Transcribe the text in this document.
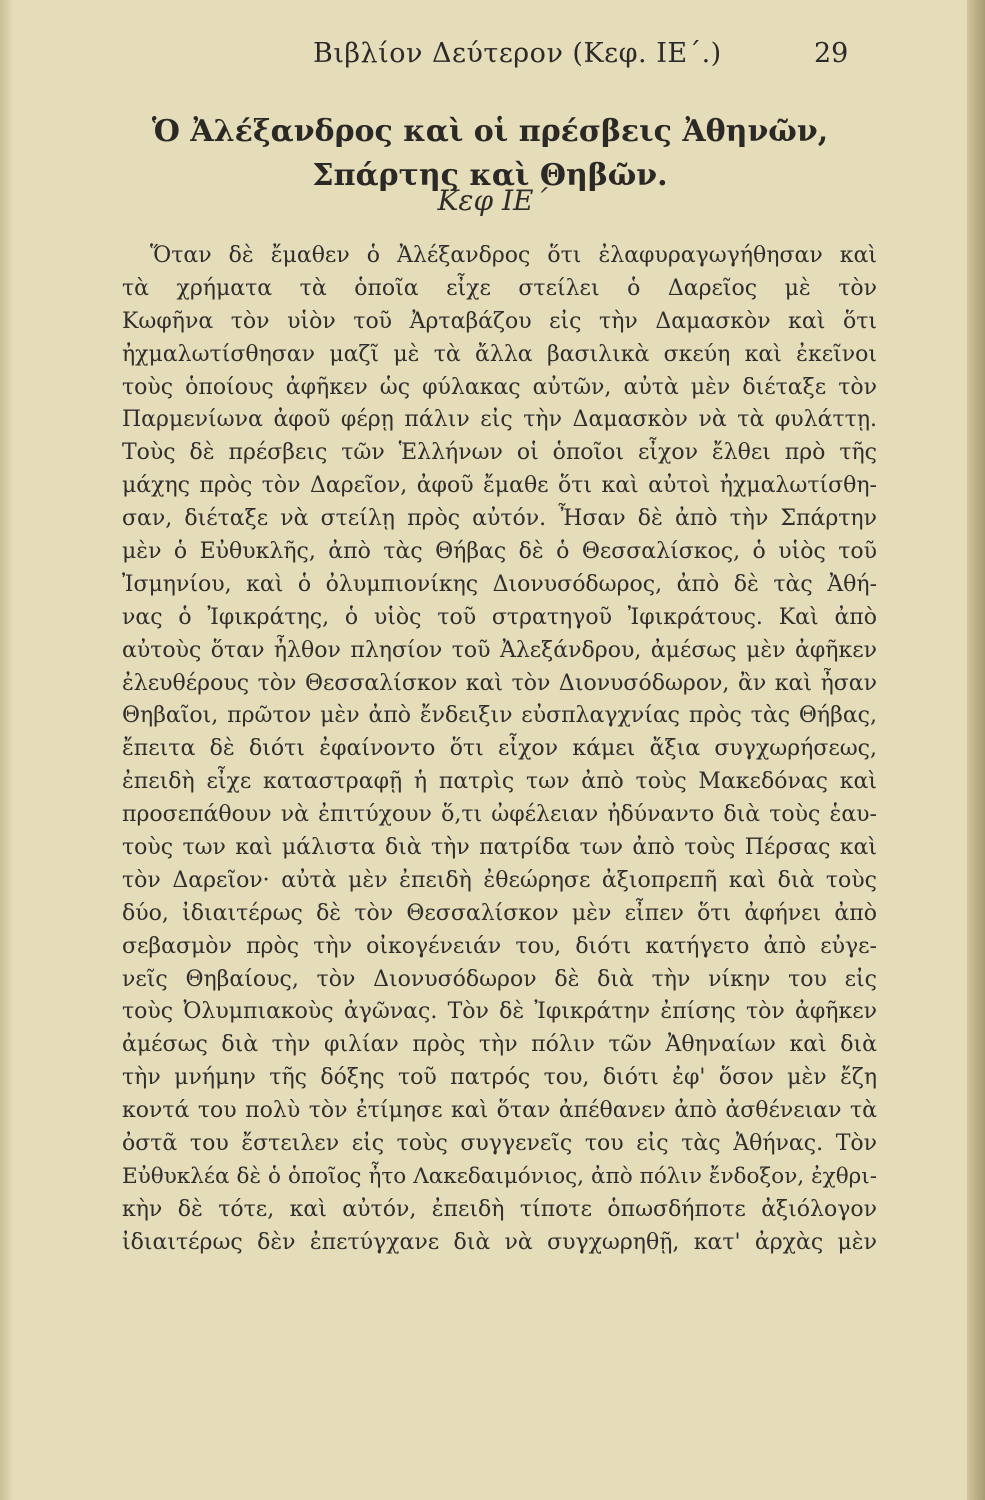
Βιβλίον Δεύτερον (Κεφ. ΙΕ΄.)	29
Ὁ Ἀλέξανδρος καὶ οἱ πρέσβεις Ἀθηνῶν,
Σπάρτης καὶ Θηβῶν.
Κεφ ΙΕ΄
Ὅταν δὲ ἔμαθεν ὁ Ἀλέξανδρος ὅτι ἐλαφυραγωγήθησαν καὶ
τὰ χρήματα τὰ ὁποῖα εἶχε στείλει ὁ Δαρεῖος μὲ τὸν
Κωφῆνα τὸν υἱὸν τοῦ Ἀρταβάζου εἰς τὴν Δαμασκὸν καὶ ὅτι
ἠχμαλωτίσθησαν μαζῖ μὲ τὰ ἄλλα βασιλικὰ σκεύη καὶ ἐκεῖνοι
τοὺς ὁποίους ἀφῆκεν ὡς φύλακας αὐτῶν, αὐτὰ μὲν διέταξε τὸν
Παρμενίωνα ἀφοῦ φέρῃ πάλιν εἰς τὴν Δαμασκὸν νὰ τὰ φυλάττῃ.
Τοὺς δὲ πρέσβεις τῶν Ἑλλήνων οἱ ὁποῖοι εἶχον ἔλθει πρὸ τῆς
μάχης πρὸς τὸν Δαρεῖον, ἀφοῦ ἔμαθε ὅτι καὶ αὐτοὶ ἠχμαλωτίσθη-
σαν, διέταξε νὰ στείλῃ πρὸς αὐτόν. Ἦσαν δὲ ἀπὸ τὴν Σπάρτην
μὲν ὁ Εὐθυκλῆς, ἀπὸ τὰς Θήβας δὲ ὁ Θεσσαλίσκος, ὁ υἱὸς τοῦ
Ἰσμηνίου, καὶ ὁ ὀλυμπιονίκης Διονυσόδωρος, ἀπὸ δὲ τὰς Ἀθή-
νας ὁ Ἰφικράτης, ὁ υἱὸς τοῦ στρατηγοῦ Ἰφικράτους. Καὶ ἀπὸ
αὐτοὺς ὅταν ἦλθον πλησίον τοῦ Ἀλεξάνδρου, ἀμέσως μὲν ἀφῆκεν
ἐλευθέρους τὸν Θεσσαλίσκον καὶ τὸν Διονυσόδωρον, ἂν καὶ ἦσαν
Θηβαῖοι, πρῶτον μὲν ἀπὸ ἔνδειξιν εὐσπλαγχνίας πρὸς τὰς Θήβας,
ἔπειτα δὲ διότι ἐφαίνοντο ὅτι εἶχον κάμει ἄξια συγχωρήσεως,
ἐπειδὴ εἶχε καταστραφῇ ἡ πατρὶς των ἀπὸ τοὺς Μακεδόνας καὶ
προσεπάθουν νὰ ἐπιτύχουν ὅ,τι ὠφέλειαν ἠδύναντο διὰ τοὺς ἑαυ-
τοὺς των καὶ μάλιστα διὰ τὴν πατρίδα των ἀπὸ τοὺς Πέρσας καὶ
τὸν Δαρεῖον· αὐτὰ μὲν ἐπειδὴ ἐθεώρησε ἀξιοπρεπῆ καὶ διὰ τοὺς
δύο, ἰδιαιτέρως δὲ τὸν Θεσσαλίσκον μὲν εἶπεν ὅτι ἀφήνει ἀπὸ
σεβασμὸν πρὸς τὴν οἰκογένειάν του, διότι κατήγετο ἀπὸ εὐγε-
νεῖς Θηβαίους, τὸν Διονυσόδωρον δὲ διὰ τὴν νίκην του εἰς
τοὺς Ὀλυμπιακοὺς ἀγῶνας. Τὸν δὲ Ἰφικράτην ἐπίσης τὸν ἀφῆκεν
ἀμέσως διὰ τὴν φιλίαν πρὸς τὴν πόλιν τῶν Ἀθηναίων καὶ διὰ
τὴν μνήμην τῆς δόξης τοῦ πατρός του, διότι ἐφ' ὅσον μὲν ἔζη
κοντά του πολὺ τὸν ἐτίμησε καὶ ὅταν ἀπέθανεν ἀπὸ ἀσθένειαν τὰ
ὀστᾶ του ἔστειλεν εἰς τοὺς συγγενεῖς του εἰς τὰς Ἀθήνας. Τὸν
Εὐθυκλέα δὲ ὁ ὁποῖος ἦτο Λακεδαιμόνιος, ἀπὸ πόλιν ἔνδοξον, ἐχθρι-
κὴν δὲ τότε, καὶ αὐτόν, ἐπειδὴ τίποτε ὁπωσδήποτε ἀξιόλογον
ἰδιαιτέρως δὲν ἐπετύγχανε διὰ νὰ συγχωρηθῇ, κατ' ἀρχὰς μὲν
